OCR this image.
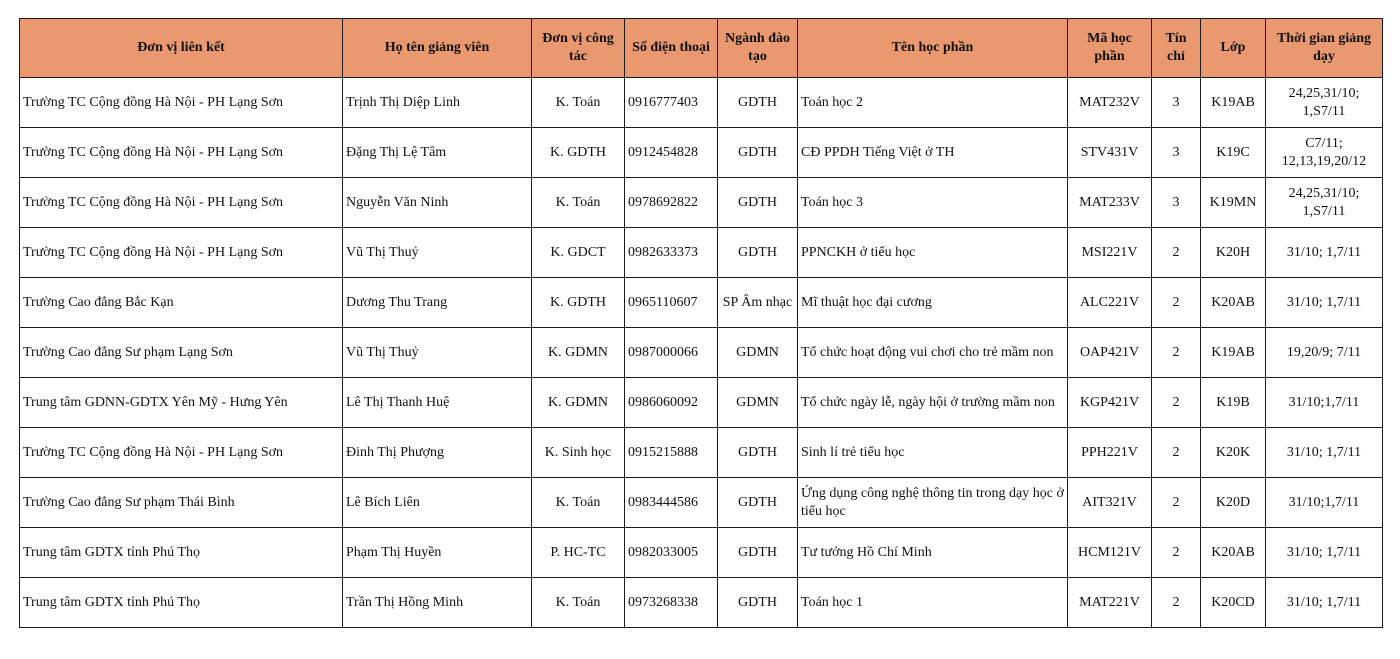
Đơn vị liên kết	Họ tên giảng viên	Đơn vị công tác	Số điện thoại	Ngành đào tạo	Tên học phần	Mã học phần	Tín chỉ	Lớp	Thời gian giảng dạy
Trường TC Cộng đồng Hà Nội - PH Lạng Sơn	Trịnh Thị Diệp Linh	K. Toán	0916777403	GDTH	Toán học 2	MAT232V	3	K19AB	24,25,31/10; 1,S7/11
Trường TC Cộng đồng Hà Nội - PH Lạng Sơn	Đặng Thị Lệ Tâm	K. GDTH	0912454828	GDTH	CĐ PPDH Tiếng Việt ở TH	STV431V	3	K19C	C7/11; 12,13,19,20/12
Trường TC Cộng đồng Hà Nội - PH Lạng Sơn	Nguyễn Văn Ninh	K. Toán	0978692822	GDTH	Toán học 3	MAT233V	3	K19MN	24,25,31/10; 1,S7/11
Trường TC Cộng đồng Hà Nội - PH Lạng Sơn	Vũ Thị Thuỷ	K. GDCT	0982633373	GDTH	PPNCKH ở tiểu học	MSI221V	2	K20H	31/10; 1,7/11
Trường Cao đẳng Bắc Kạn	Dương Thu Trang	K. GDTH	0965110607	SP Âm nhạc	Mĩ thuật học đại cương	ALC221V	2	K20AB	31/10; 1,7/11
Trường Cao đẳng Sư phạm Lạng Sơn	Vũ Thị Thuỷ	K. GDMN	0987000066	GDMN	Tổ chức hoạt động vui chơi cho trẻ mầm non	OAP421V	2	K19AB	19,20/9; 7/11
Trung tâm GDNN-GDTX Yên Mỹ - Hưng Yên	Lê Thị Thanh Huệ	K. GDMN	0986060092	GDMN	Tổ chức ngày lễ, ngày hội ở trường mầm non	KGP421V	2	K19B	31/10;1,7/11
Trường TC Cộng đồng Hà Nội - PH Lạng Sơn	Đinh Thị Phượng	K. Sinh học	0915215888	GDTH	Sinh lí trẻ tiểu học	PPH221V	2	K20K	31/10; 1,7/11
Trường Cao đẳng Sư phạm Thái Bình	Lê Bích Liên	K. Toán	0983444586	GDTH	Ứng dụng công nghệ thông tin trong dạy học ở tiểu học	AIT321V	2	K20D	31/10;1,7/11
Trung tâm GDTX tỉnh Phú Thọ	Phạm Thị Huyền	P. HC-TC	0982033005	GDTH	Tư tưởng Hồ Chí Minh	HCM121V	2	K20AB	31/10; 1,7/11
Trung tâm GDTX tỉnh Phú Thọ	Trần Thị Hồng Minh	K. Toán	0973268338	GDTH	Toán học 1	MAT221V	2	K20CD	31/10; 1,7/11
